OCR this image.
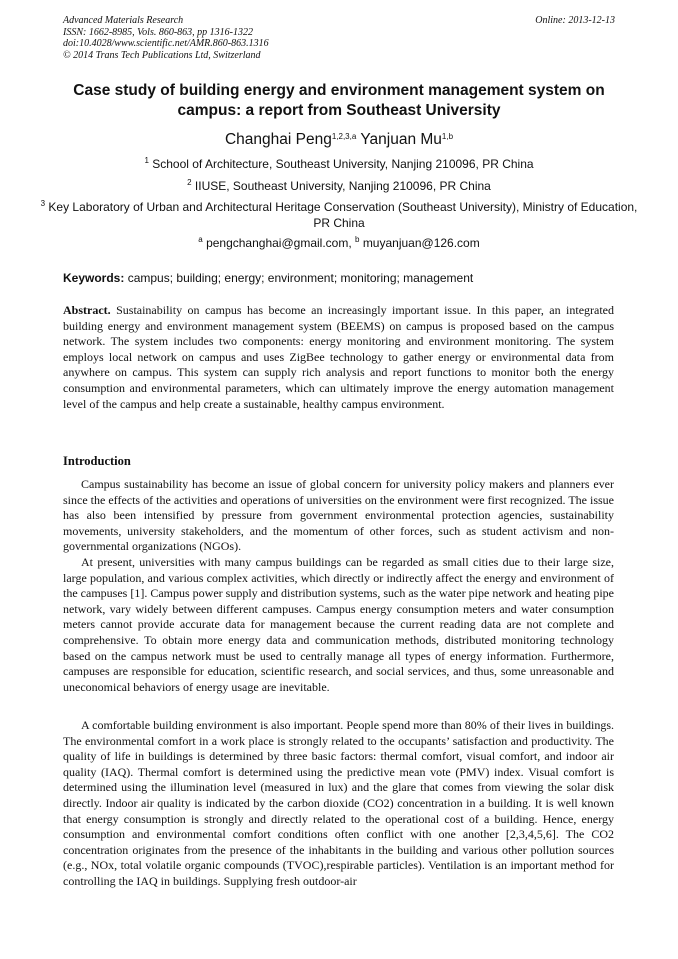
Advanced Materials Research
ISSN: 1662-8985, Vols. 860-863, pp 1316-1322
doi:10.4028/www.scientific.net/AMR.860-863.1316
© 2014 Trans Tech Publications Ltd, Switzerland
Online: 2013-12-13
Case study of building energy and environment management system on campus: a report from Southeast University
Changhai Peng$^{1,2,3,a}$ Yanjuan Mu$^{1,b}$
$^1$ School of Architecture, Southeast University, Nanjing 210096, PR China
$^2$ IIUSE, Southeast University, Nanjing 210096, PR China
$^3$ Key Laboratory of Urban and Architectural Heritage Conservation (Southeast University), Ministry of Education, PR China
$^a$ pengchanghai@gmail.com, $^b$ muyanjuan@126.com
Keywords: campus; building; energy; environment; monitoring; management
Abstract. Sustainability on campus has become an increasingly important issue. In this paper, an integrated building energy and environment management system (BEEMS) on campus is proposed based on the campus network. The system includes two components: energy monitoring and environment monitoring. The system employs local network on campus and uses ZigBee technology to gather energy or environmental data from anywhere on campus. This system can supply rich analysis and report functions to monitor both the energy consumption and environmental parameters, which can ultimately improve the energy automation management level of the campus and help create a sustainable, healthy campus environment.
Introduction
Campus sustainability has become an issue of global concern for university policy makers and planners ever since the effects of the activities and operations of universities on the environment were first recognized. The issue has also been intensified by pressure from government environmental protection agencies, sustainability movements, university stakeholders, and the momentum of other forces, such as student activism and non-governmental organizations (NGOs).
At present, universities with many campus buildings can be regarded as small cities due to their large size, large population, and various complex activities, which directly or indirectly affect the energy and environment of the campuses [1]. Campus power supply and distribution systems, such as the water pipe network and heating pipe network, vary widely between different campuses. Campus energy consumption meters and water consumption meters cannot provide accurate data for management because the current reading data are not complete and comprehensive. To obtain more energy data and communication methods, distributed monitoring technology based on the campus network must be used to centrally manage all types of energy information. Furthermore, campuses are responsible for education, scientific research, and social services, and thus, some unreasonable and uneconomical behaviors of energy usage are inevitable.
A comfortable building environment is also important. People spend more than 80% of their lives in buildings. The environmental comfort in a work place is strongly related to the occupants’ satisfaction and productivity. The quality of life in buildings is determined by three basic factors: thermal comfort, visual comfort, and indoor air quality (IAQ). Thermal comfort is determined using the predictive mean vote (PMV) index. Visual comfort is determined using the illumination level (measured in lux) and the glare that comes from viewing the solar disk directly. Indoor air quality is indicated by the carbon dioxide (CO2) concentration in a building. It is well known that energy consumption is strongly and directly related to the operational cost of a building. Hence, energy consumption and environmental comfort conditions often conflict with one another [2,3,4,5,6]. The CO2 concentration originates from the presence of the inhabitants in the building and various other pollution sources (e.g., NOx, total volatile organic compounds (TVOC),respirable particles). Ventilation is an important method for controlling the IAQ in buildings. Supplying fresh outdoor-air
